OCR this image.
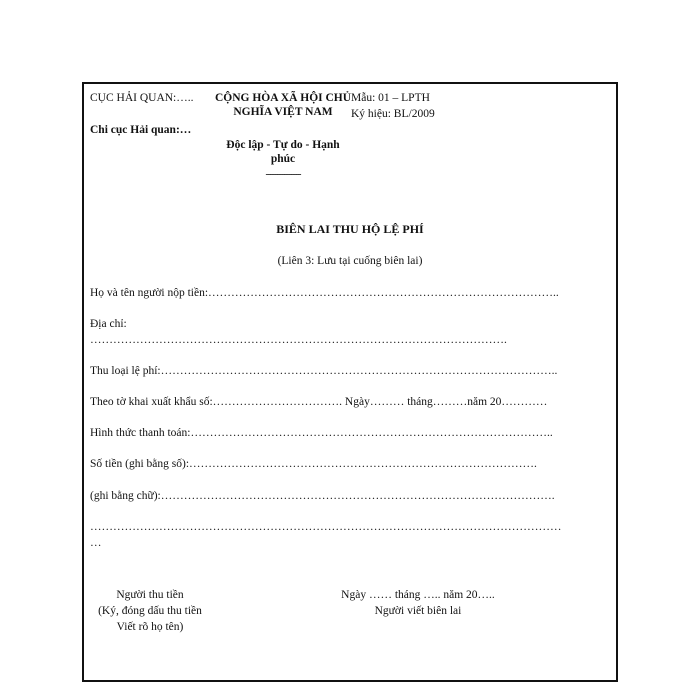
CỤC HẢI QUAN:…..
Chi cục Hải quan:…
CỘNG HÒA XÃ HỘI CHỦ NGHĨA VIỆT NAM
Độc lập - Tự do - Hạnh phúc
---------------
Mẫu: 01 – LPTH
Ký hiệu: BL/2009
BIÊN LAI THU HỘ LỆ PHÍ
(Liên 3: Lưu tại cuống biên lai)
Họ và tên người nộp tiền:………………………………………………………………………………..
Địa chỉ:
……………………………………………………………………………………………….
Thu loại lệ phí:…………………………………………………………………………………………..
Theo tờ khai xuất khẩu số:……………………………. Ngày……… tháng………năm 20…………
Hình thức thanh toán:…………………………………………………………………………………..
Số tiền (ghi bằng số):……………………………………………………………………………….
(ghi bằng chữ):………………………………………………………………………………………….
……………………………………………………………………………………………………………
…
Người thu tiền
(Ký, đóng dấu thu tiền
Viết rõ họ tên)
Ngày …… tháng ….. năm 20…..
Người viết biên lai
